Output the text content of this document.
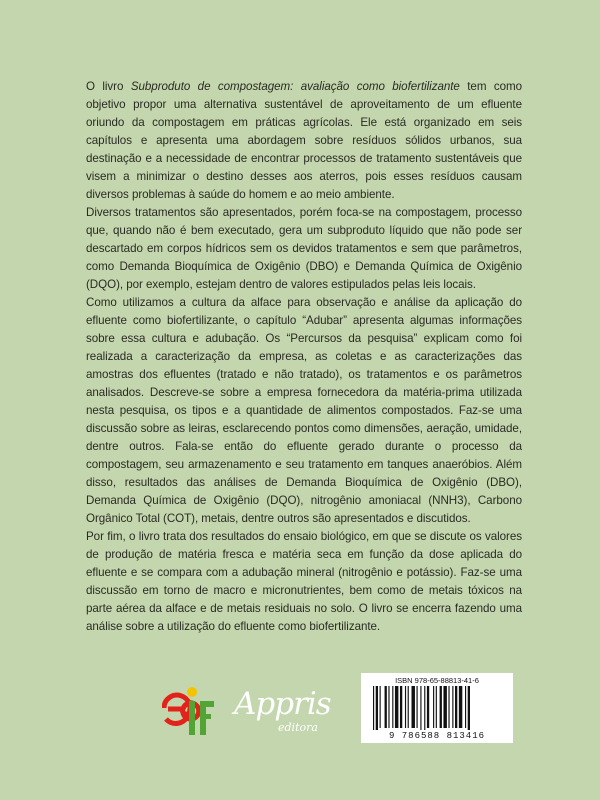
O livro Subproduto de compostagem: avaliação como biofertilizante tem como objetivo propor uma alternativa sustentável de aproveitamento de um efluente oriundo da compostagem em práticas agrícolas. Ele está organizado em seis capítulos e apresenta uma abordagem sobre resíduos sólidos urbanos, sua destinação e a necessidade de encontrar processos de tratamento sustentáveis que visem a minimizar o destino desses aos aterros, pois esses resíduos causam diversos problemas à saúde do homem e ao meio ambiente.

Diversos tratamentos são apresentados, porém foca-se na compostagem, processo que, quando não é bem executado, gera um subproduto líquido que não pode ser descartado em corpos hídricos sem os devidos tratamentos e sem que parâmetros, como Demanda Bioquímica de Oxigênio (DBO) e Demanda Química de Oxigênio (DQO), por exemplo, estejam dentro de valores estipulados pelas leis locais.

Como utilizamos a cultura da alface para observação e análise da aplicação do efluente como biofertilizante, o capítulo “Adubar” apresenta algumas informações sobre essa cultura e adubação. Os “Percursos da pesquisa” explicam como foi realizada a caracterização da empresa, as coletas e as caracterizações das amostras dos efluentes (tratado e não tratado), os tratamentos e os parâmetros analisados. Descreve-se sobre a empresa fornecedora da matéria-prima utilizada nesta pesquisa, os tipos e a quantidade de alimentos compostados. Faz-se uma discussão sobre as leiras, esclarecendo pontos como dimensões, aeração, umidade, dentre outros. Fala-se então do efluente gerado durante o processo da compostagem, seu armazenamento e seu tratamento em tanques anaeróbios. Além disso, resultados das análises de Demanda Bioquímica de Oxigênio (DBO), Demanda Química de Oxigênio (DQO), nitrogênio amoniacal (NNH3), Carbono Orgânico Total (COT), metais, dentre outros são apresentados e discutidos.

Por fim, o livro trata dos resultados do ensaio biológico, em que se discute os valores de produção de matéria fresca e matéria seca em função da dose aplicada do efluente e se compara com a adubação mineral (nitrogênio e potássio). Faz-se uma discussão em torno de macro e micronutrientes, bem como de metais tóxicos na parte aérea da alface e de metais residuais no solo. O livro se encerra fazendo uma análise sobre a utilização do efluente como biofertilizante.

Appris
editora
ISBN 978-65-88813-41-6
9 786588 813416
